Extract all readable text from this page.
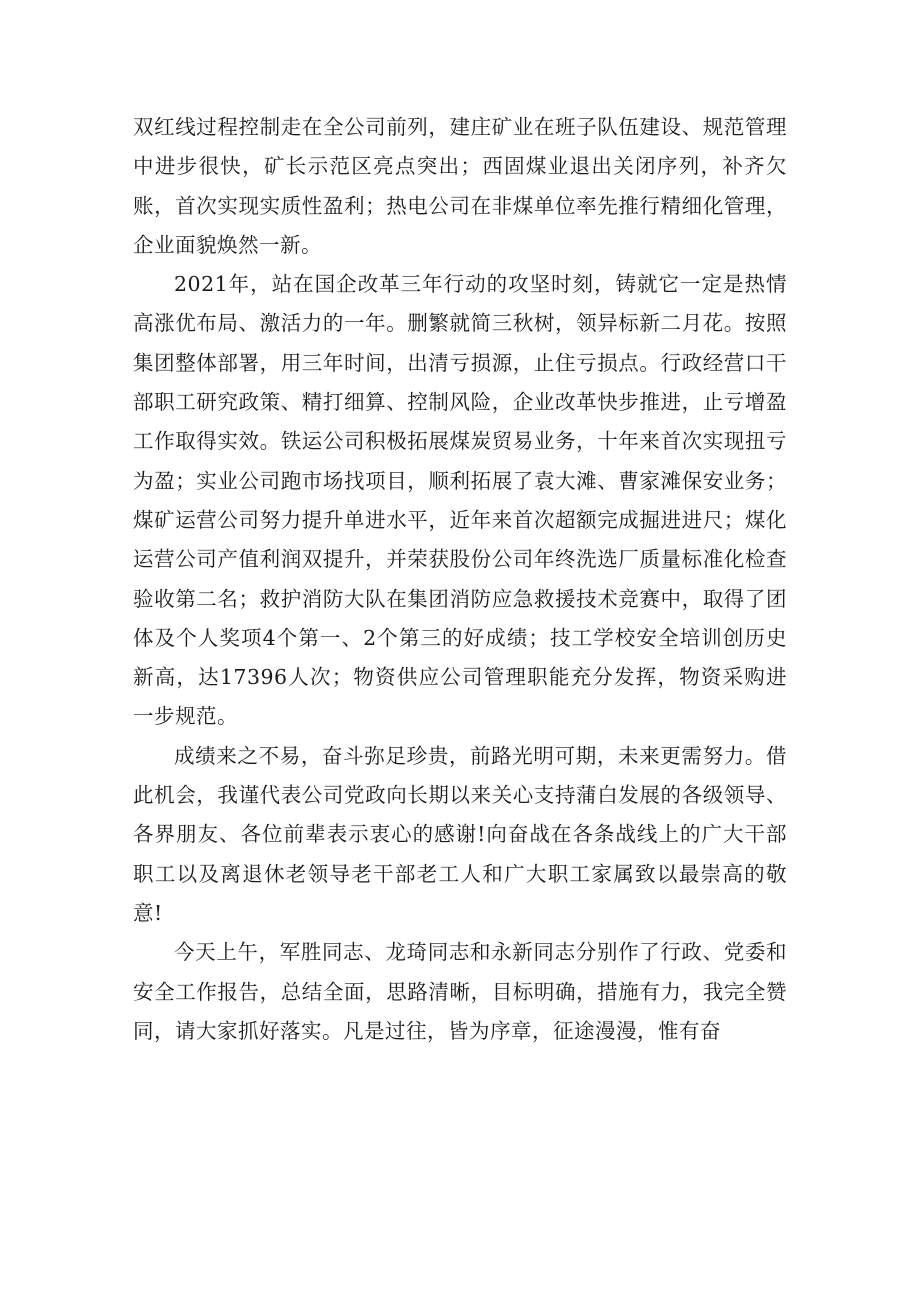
双红线过程控制走在全公司前列，建庄矿业在班子队伍建设、规范管理中进步很快，矿长示范区亮点突出；西固煤业退出关闭序列，补齐欠账，首次实现实质性盈利；热电公司在非煤单位率先推行精细化管理，企业面貌焕然一新。

2021年，站在国企改革三年行动的攻坚时刻，铸就它一定是热情高涨优布局、激活力的一年。删繁就简三秋树，领异标新二月花。按照集团整体部署，用三年时间，出清亏损源，止住亏损点。行政经营口干部职工研究政策、精打细算、控制风险，企业改革快步推进，止亏增盈工作取得实效。铁运公司积极拓展煤炭贸易业务，十年来首次实现扭亏为盈；实业公司跑市场找项目，顺利拓展了袁大滩、曹家滩保安业务；煤矿运营公司努力提升单进水平，近年来首次超额完成掘进进尺；煤化运营公司产值利润双提升，并荣获股份公司年终洗选厂质量标准化检查验收第二名；救护消防大队在集团消防应急救援技术竞赛中，取得了团体及个人奖项4个第一、2个第三的好成绩；技工学校安全培训创历史新高，达17396人次；物资供应公司管理职能充分发挥，物资采购进一步规范。

成绩来之不易，奋斗弥足珍贵，前路光明可期，未来更需努力。借此机会，我谨代表公司党政向长期以来关心支持蒲白发展的各级领导、各界朋友、各位前辈表示衷心的感谢!向奋战在各条战线上的广大干部职工以及离退休老领导老干部老工人和广大职工家属致以最崇高的敬意!

今天上午，军胜同志、龙琦同志和永新同志分别作了行政、党委和安全工作报告，总结全面，思路清晰，目标明确，措施有力，我完全赞同，请大家抓好落实。凡是过往，皆为序章，征途漫漫，惟有奋
